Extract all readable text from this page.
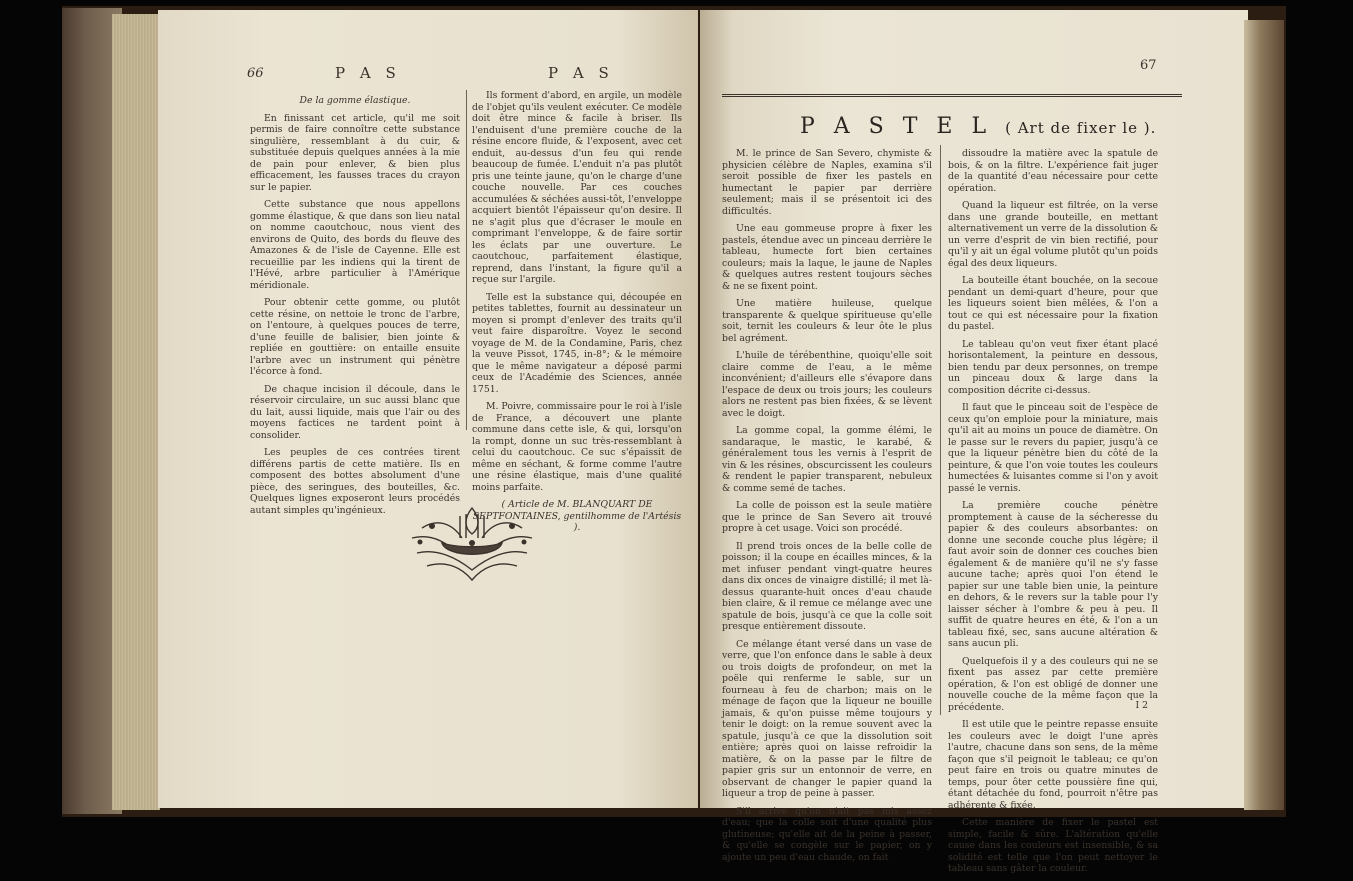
66	P A S	P A S

De la gomme élastique.

En finissant cet article, qu'il me soit permis de faire connoître cette substance singulière, ressemblant à du cuir, & substituée depuis quelques années à la mie de pain pour enlever, & bien plus efficacement, les fausses traces du crayon sur le papier.

Cette substance que nous appellons gomme élastique, & que dans son lieu natal on nomme caoutchouc, nous vient des environs de Quito, des bords du fleuve des Amazones & de l'isle de Cayenne. Elle est recueillie par les indiens qui la tirent de l'Hévé, arbre particulier à l'Amérique méridionale.

Pour obtenir cette gomme, ou plutôt cette résine, on nettoie le tronc de l'arbre, on l'entoure, à quelques pouces de terre, d'une feuille de balisier, bien jointe & repliée en gouttière: on entaille ensuite l'arbre avec un instrument qui pénètre l'écorce à fond.

De chaque incision il découle, dans le réservoir circulaire, un suc aussi blanc que du lait, aussi liquide, mais que l'air ou des moyens factices ne tardent point à consolider.

Les peuples de ces contrées tirent différens partis de cette matière. Ils en composent des bottes absolument d'une pièce, des seringues, des bouteilles, &c. Quelques lignes exposeront leurs procédés autant simples qu'ingénieux.

Ils forment d'abord, en argile, un modèle de l'objet qu'ils veulent exécuter. Ce modèle doit être mince & facile à briser. Ils l'enduisent d'une première couche de la résine encore fluide, & l'exposent, avec cet enduit, au-dessus d'un feu qui rende beaucoup de fumée. L'enduit n'a pas plutôt pris une teinte jaune, qu'on le charge d'une couche nouvelle. Par ces couches accumulées & séchées aussi-tôt, l'enveloppe acquiert bientôt l'épaisseur qu'on desire. Il ne s'agit plus que d'écraser le moule en comprimant l'enveloppe, & de faire sortir les éclats par une ouverture. Le caoutchouc, parfaitement élastique, reprend, dans l'instant, la figure qu'il a reçue sur l'argile.

Telle est la substance qui, découpée en petites tablettes, fournit au dessinateur un moyen si prompt d'enlever des traits qu'il veut faire disparoître. Voyez le second voyage de M. de la Condamine, Paris, chez la veuve Pissot, 1745, in-8°; & le mémoire que le même navigateur a déposé parmi ceux de l'Académie des Sciences, année 1751.

M. Poivre, commissaire pour le roi à l'isle de France, a découvert une plante commune dans cette isle, & qui, lorsqu'on la rompt, donne un suc très-ressemblant à celui du caoutchouc. Ce suc s'épaissit de même en séchant, & forme comme l'autre une résine élastique, mais d'une qualité moins parfaite.

( Article de M. BLANQUART DE SEPTFONTAINES, gentilhomme de l'Artésis ).

67
P A S T E L ( Art de fixer le ).

M. le prince de San Severo, chymiste & physicien célèbre de Naples, examina s'il seroit possible de fixer les pastels en humectant le papier par derrière seulement; mais il se présentoit ici des difficultés.

Une eau gommeuse propre à fixer les pastels, étendue avec un pinceau derrière le tableau, humecte fort bien certaines couleurs; mais la laque, le jaune de Naples & quelques autres restent toujours sèches & ne se fixent point.

Une matière huileuse, quelque transparente & quelque spiritueuse qu'elle soit, ternit les couleurs & leur ôte le plus bel agrément.

L'huile de térébenthine, quoiqu'elle soit claire comme de l'eau, a le même inconvénient; d'ailleurs elle s'évapore dans l'espace de deux ou trois jours; les couleurs alors ne restent pas bien fixées, & se lèvent avec le doigt.

La gomme copal, la gomme élémi, le sandaraque, le mastic, le karabé, & généralement tous les vernis à l'esprit de vin & les résines, obscurcissent les couleurs & rendent le papier transparent, nebuleux & comme semé de taches.

La colle de poisson est la seule matière que le prince de San Severo ait trouvé propre à cet usage. Voici son procédé.

Il prend trois onces de la belle colle de poisson; il la coupe en écailles minces, & la met infuser pendant vingt-quatre heures dans dix onces de vinaigre distillé; il met là-dessus quarante-huit onces d'eau chaude bien claire, & il remue ce mélange avec une spatule de bois, jusqu'à ce que la colle soit presque entièrement dissoute.

Ce mélange étant versé dans un vase de verre, que l'on enfonce dans le sable à deux ou trois doigts de profondeur, on met la poële qui renferme le sable, sur un fourneau à feu de charbon; mais on le ménage de façon que la liqueur ne bouille jamais, & qu'on puisse même toujours y tenir le doigt: on la remue souvent avec la spatule, jusqu'à ce que la dissolution soit entière; après quoi on laisse refroidir la matière, & on la passe par le filtre de papier gris sur un entonnoir de verre, en observant de changer le papier quand la liqueur a trop de peine à passer.

S'il arrive qu'on n'ait pas mis assez d'eau; que la colle soit d'une qualité plus glutineuse; qu'elle ait de la peine à passer, & qu'elle se congèle sur le papier, on y ajoute un peu d'eau chaude, on fait

dissoudre la matière avec la spatule de bois, & on la filtre. L'expérience fait juger de la quantité d'eau nécessaire pour cette opération.

Quand la liqueur est filtrée, on la verse dans une grande bouteille, en mettant alternativement un verre de la dissolution & un verre d'esprit de vin bien rectifié, pour qu'il y ait un égal volume plutôt qu'un poids égal des deux liqueurs.

La bouteille étant bouchée, on la secoue pendant un demi-quart d'heure, pour que les liqueurs soient bien mêlées, & l'on a tout ce qui est nécessaire pour la fixation du pastel.

Le tableau qu'on veut fixer étant placé horisontalement, la peinture en dessous, bien tendu par deux personnes, on trempe un pinceau doux & large dans la composition décrite ci-dessus.

Il faut que le pinceau soit de l'espèce de ceux qu'on emploie pour la miniature, mais qu'il ait au moins un pouce de diamètre. On le passe sur le revers du papier, jusqu'à ce que la liqueur pénètre bien du côté de la peinture, & que l'on voie toutes les couleurs humectées & luisantes comme si l'on y avoit passé le vernis.

La première couche pénètre promptement à cause de la sécheresse du papier & des couleurs absorbantes: on donne une seconde couche plus légère; il faut avoir soin de donner ces couches bien également & de manière qu'il ne s'y fasse aucune tache; après quoi l'on étend le papier sur une table bien unie, la peinture en dehors, & le revers sur la table pour l'y laisser sécher à l'ombre & peu à peu. Il suffit de quatre heures en été, & l'on a un tableau fixé, sec, sans aucune altération & sans aucun pli.

Quelquefois il y a des couleurs qui ne se fixent pas assez par cette première opération, & l'on est obligé de donner une nouvelle couche de la même façon que la précédente.

Il est utile que le peintre repasse ensuite les couleurs avec le doigt l'une après l'autre, chacune dans son sens, de la même façon que s'il peignoit le tableau; ce qu'on peut faire en trois ou quatre minutes de temps, pour ôter cette poussière fine qui, étant détachée du fond, pourroit n'être pas adhérente & fixée.

Cette manière de fixer le pastel est simple, facile & sûre. L'altération qu'elle cause dans les couleurs est insensible, & sa solidité est telle que l'on peut nettoyer le tableau sans gâter la couleur.

I 2
